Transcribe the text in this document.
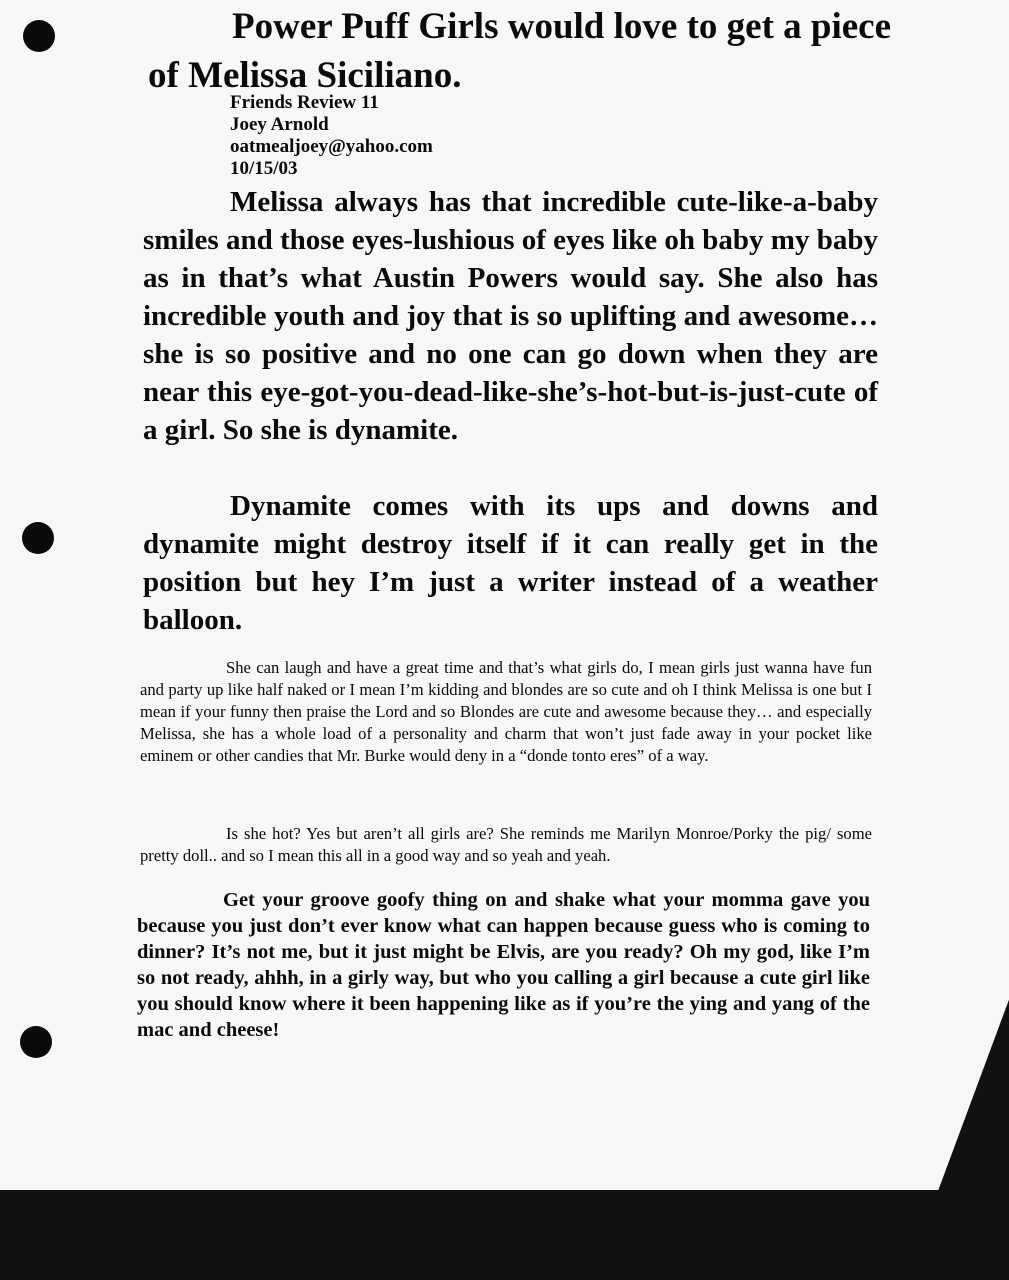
Power Puff Girls would love to get a piece of Melissa Siciliano.
Friends Review 11
Joey Arnold
oatmealjoey@yahoo.com
10/15/03

Melissa always has that incredible cute-like-a-baby smiles and those eyes-lushious of eyes like oh baby my baby as in that’s what Austin Powers would say. She also has incredible youth and joy that is so uplifting and awesome… she is so positive and no one can go down when they are near this eye-got-you-dead-like-she’s-hot-but-is-just-cute of a girl. So she is dynamite.

Dynamite comes with its ups and downs and dynamite might destroy itself if it can really get in the position but hey I’m just a writer instead of a weather balloon.

She can laugh and have a great time and that’s what girls do, I mean girls just wanna have fun and party up like half naked or I mean I’m kidding and blondes are so cute and oh I think Melissa is one but I mean if your funny then praise the Lord and so Blondes are cute and awesome because they… and especially Melissa, she has a whole load of a personality and charm that won’t just fade away in your pocket like eminem or other candies that Mr. Burke would deny in a “donde tonto eres” of a way.

Is she hot? Yes but aren’t all girls are? She reminds me Marilyn Monroe/Porky the pig/ some pretty doll.. and so I mean this all in a good way and so yeah and yeah.

Get your groove goofy thing on and shake what your momma gave you because you just don’t ever know what can happen because guess who is coming to dinner? It’s not me, but it just might be Elvis, are you ready? Oh my god, like I’m so not ready, ahhh, in a girly way, but who you calling a girl because a cute girl like you should know where it been happening like as if you’re the ying and yang of the mac and cheese!
